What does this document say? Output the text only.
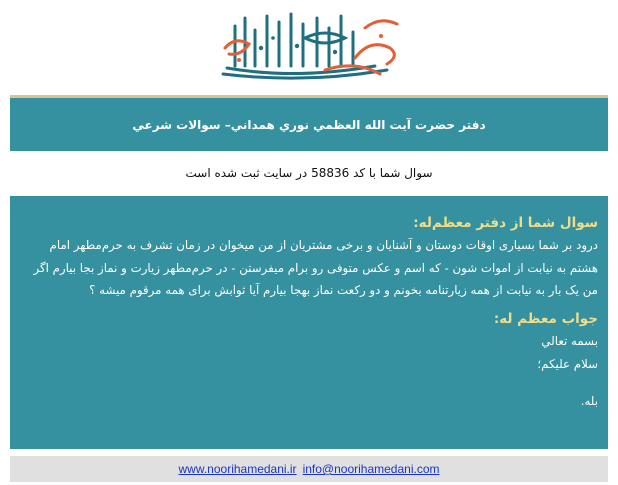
دفتر حضرت آيت الله العظمي نوري همداني– سوالات شرعي
سوال شما با کد 58836 در سایت ثبت شده است
سوال شما از دفتر معظم‌له:

درود بر شما بسیاری اوقات دوستان و آشنایان و برخی مشتریان از من میخوان در زمان تشرف به حرم‌مطهر امام هشتم به نیابت از اموات شون - که اسم و عکس متوفی رو برام میفرستن - در حرم‌مطهر زیارت و نماز بجا بیارم اگر من یک بار به نیابت از همه زیارتنامه بخونم و دو رکعت نماز بهجا بیارم آیا ثوابش برای همه مرقوم میشه ؟

جواب معظم له:
بسمه تعالي
سلام علیکم؛
بله.
www.noorihamedani.ir info@noorihamedani.com
